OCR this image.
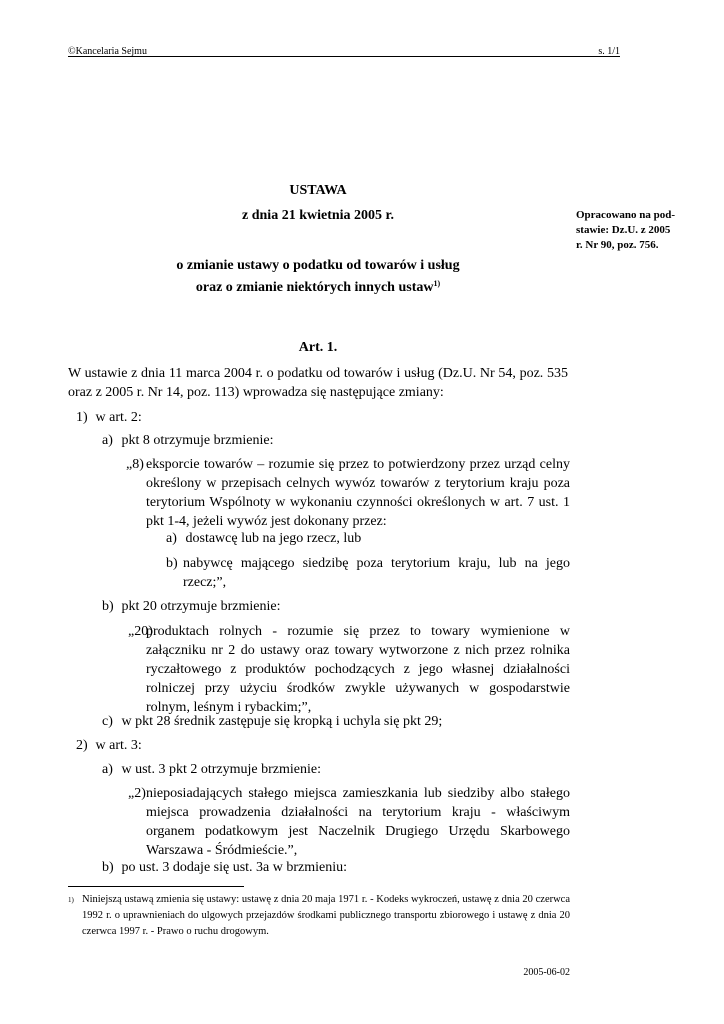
©Kancelaria Sejmu	s. 1/1
USTAWA
z dnia 21 kwietnia 2005 r.
o zmianie ustawy o podatku od towarów i usług
oraz o zmianie niektórych innych ustaw$^{1)}$
Opracowano na pod-
stawie: Dz.U. z 2005
r. Nr 90, poz. 756.
Art. 1.
W ustawie z dnia 11 marca 2004 r. o podatku od towarów i usług (Dz.U. Nr 54, poz. 535 oraz z 2005 r. Nr 14, poz. 113) wprowadza się następujące zmiany:
1) w art. 2:
a) pkt 8 otrzymuje brzmienie:
„8) eksporcie towarów – rozumie się przez to potwierdzony przez urząd celny określony w przepisach celnych wywóz towarów z terytorium kraju poza terytorium Wspólnoty w wykonaniu czynności określonych w art. 7 ust. 1 pkt 1-4, jeżeli wywóz jest dokonany przez:
a) dostawcę lub na jego rzecz, lub
b) nabywcę mającego siedzibę poza terytorium kraju, lub na jego rzecz;”,
b) pkt 20 otrzymuje brzmienie:
„20)
produktach rolnych - rozumie się przez to towary wymienione w załączniku nr 2 do ustawy oraz towary wytworzone z nich przez rolnika ryczałtowego z produktów pochodzących z jego własnej działalności rolniczej przy użyciu środków zwykle używanych w gospodarstwie rolnym, leśnym i rybackim;”,
c) w pkt 28 średnik zastępuje się kropką i uchyla się pkt 29;
2) w art. 3:
a) w ust. 3 pkt 2 otrzymuje brzmienie:
„2) nieposiadających stałego miejsca zamieszkania lub siedziby albo stałego miejsca prowadzenia działalności na terytorium kraju - właściwym organem podatkowym jest Naczelnik Drugiego Urzędu Skarbowego Warszawa - Śródmieście.”,
b) po ust. 3 dodaje się ust. 3a w brzmieniu:
1) Niniejszą ustawą zmienia się ustawy: ustawę z dnia 20 maja 1971 r. - Kodeks wykroczeń, ustawę z dnia 20 czerwca 1992 r. o uprawnieniach do ulgowych przejazdów środkami publicznego transportu zbiorowego i ustawę z dnia 20 czerwca 1997 r. - Prawo o ruchu drogowym.
2005-06-02
